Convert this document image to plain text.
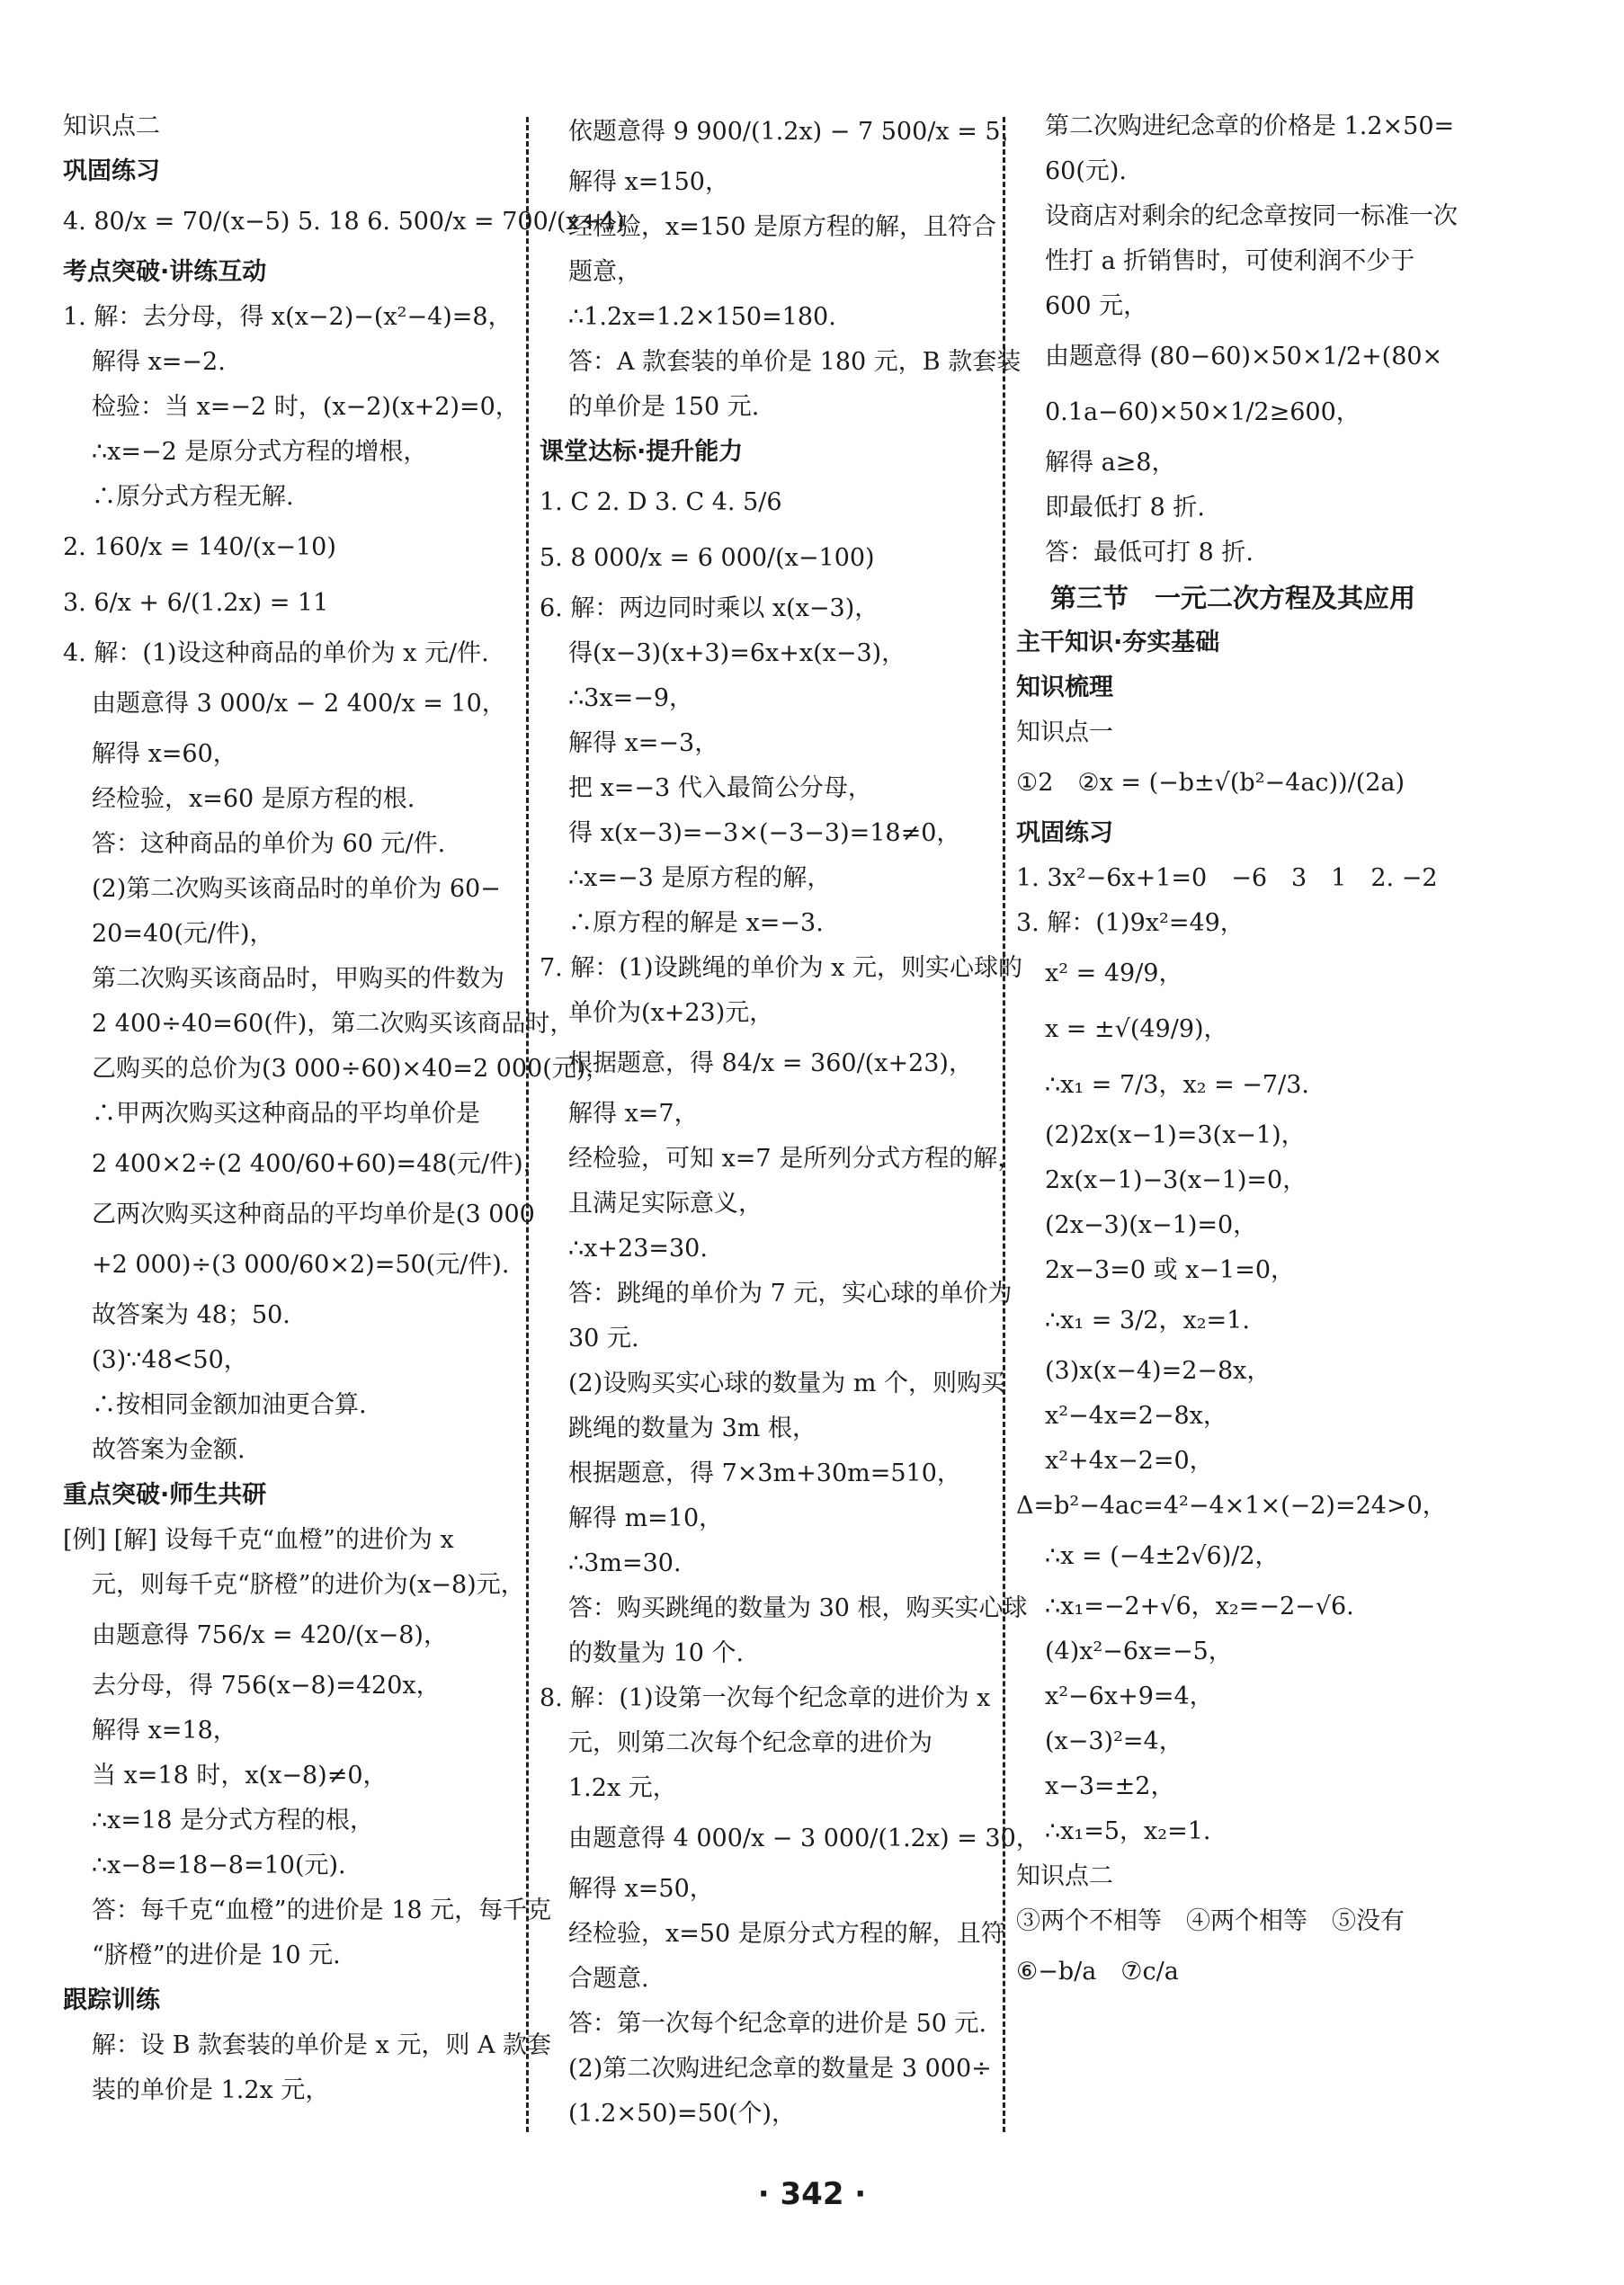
知识点二
巩固练习
4. 80/x = 70/(x−5) 5. 18 6. 500/x = 700/(x+4)
考点突破·讲练互动
1. 解：去分母，得 x(x−2)−(x²−4)=8，
解得 x=−2.
检验：当 x=−2 时，(x−2)(x+2)=0，
∴x=−2 是原分式方程的增根，
∴原分式方程无解.
2. 160/x = 140/(x−10)
3. 6/x + 6/(1.2x) = 11
4. 解：(1)设这种商品的单价为 x 元/件.
由题意得 3 000/x − 2 400/x = 10，
解得 x=60，
经检验，x=60 是原方程的根.
答：这种商品的单价为 60 元/件.
(2)第二次购买该商品时的单价为 60−
20=40(元/件)，
第二次购买该商品时，甲购买的件数为
2 400÷40=60(件)，第二次购买该商品时，
乙购买的总价为(3 000÷60)×40=2 000(元)，
∴甲两次购买这种商品的平均单价是
2 400×2÷(2 400/60+60)=48(元/件)，
乙两次购买这种商品的平均单价是(3 000
+2 000)÷(3 000/60×2)=50(元/件).
故答案为 48；50.
(3)∵48<50，
∴按相同金额加油更合算.
故答案为金额.
重点突破·师生共研
[例] [解] 设每千克“血橙”的进价为 x
元，则每千克“脐橙”的进价为(x−8)元，
由题意得 756/x = 420/(x−8)，
去分母，得 756(x−8)=420x，
解得 x=18，
当 x=18 时，x(x−8)≠0，
∴x=18 是分式方程的根，
∴x−8=18−8=10(元).
答：每千克“血橙”的进价是 18 元，每千克
“脐橙”的进价是 10 元.
跟踪训练
解：设 B 款套装的单价是 x 元，则 A 款套
装的单价是 1.2x 元，
依题意得 9 900/(1.2x) − 7 500/x = 5，
解得 x=150，
经检验，x=150 是原方程的解，且符合
题意，
∴1.2x=1.2×150=180.
答：A 款套装的单价是 180 元，B 款套装
的单价是 150 元.
课堂达标·提升能力
1. C 2. D 3. C 4. 5/6
5. 8 000/x = 6 000/(x−100)
6. 解：两边同时乘以 x(x−3)，
得(x−3)(x+3)=6x+x(x−3)，
∴3x=−9，
解得 x=−3，
把 x=−3 代入最简公分母，
得 x(x−3)=−3×(−3−3)=18≠0，
∴x=−3 是原方程的解，
∴原方程的解是 x=−3.
7. 解：(1)设跳绳的单价为 x 元，则实心球的
单价为(x+23)元，
根据题意，得 84/x = 360/(x+23)，
解得 x=7，
经检验，可知 x=7 是所列分式方程的解，
且满足实际意义，
∴x+23=30.
答：跳绳的单价为 7 元，实心球的单价为
30 元.
(2)设购买实心球的数量为 m 个，则购买
跳绳的数量为 3m 根，
根据题意，得 7×3m+30m=510，
解得 m=10，
∴3m=30.
答：购买跳绳的数量为 30 根，购买实心球
的数量为 10 个.
8. 解：(1)设第一次每个纪念章的进价为 x
元，则第二次每个纪念章的进价为
1.2x 元，
由题意得 4 000/x − 3 000/(1.2x) = 30，
解得 x=50，
经检验，x=50 是原分式方程的解，且符
合题意.
答：第一次每个纪念章的进价是 50 元.
(2)第二次购进纪念章的数量是 3 000÷
(1.2×50)=50(个)，
第二次购进纪念章的价格是 1.2×50=
60(元).
设商店对剩余的纪念章按同一标准一次
性打 a 折销售时，可使利润不少于
600 元，
由题意得 (80−60)×50×1/2+(80×
0.1a−60)×50×1/2≥600，
解得 a≥8，
即最低打 8 折.
答：最低可打 8 折.
第三节　一元二次方程及其应用
主干知识·夯实基础
知识梳理
知识点一
①2　②x = (−b±√(b²−4ac))/(2a)
巩固练习
1. 3x²−6x+1=0　−6　3　1　2. −2
3. 解：(1)9x²=49，
x² = 49/9，
x = ±√(49/9)，
∴x₁ = 7/3，x₂ = −7/3.
(2)2x(x−1)=3(x−1)，
2x(x−1)−3(x−1)=0，
(2x−3)(x−1)=0，
2x−3=0 或 x−1=0，
∴x₁ = 3/2，x₂=1.
(3)x(x−4)=2−8x，
x²−4x=2−8x，
x²+4x−2=0，
Δ=b²−4ac=4²−4×1×(−2)=24>0，
∴x = (−4±2√6)/2，
∴x₁=−2+√6，x₂=−2−√6.
(4)x²−6x=−5，
x²−6x+9=4，
(x−3)²=4，
x−3=±2，
∴x₁=5，x₂=1.
知识点二
③两个不相等　④两个相等　⑤没有
⑥−b/a　⑦c/a
· 342 ·
